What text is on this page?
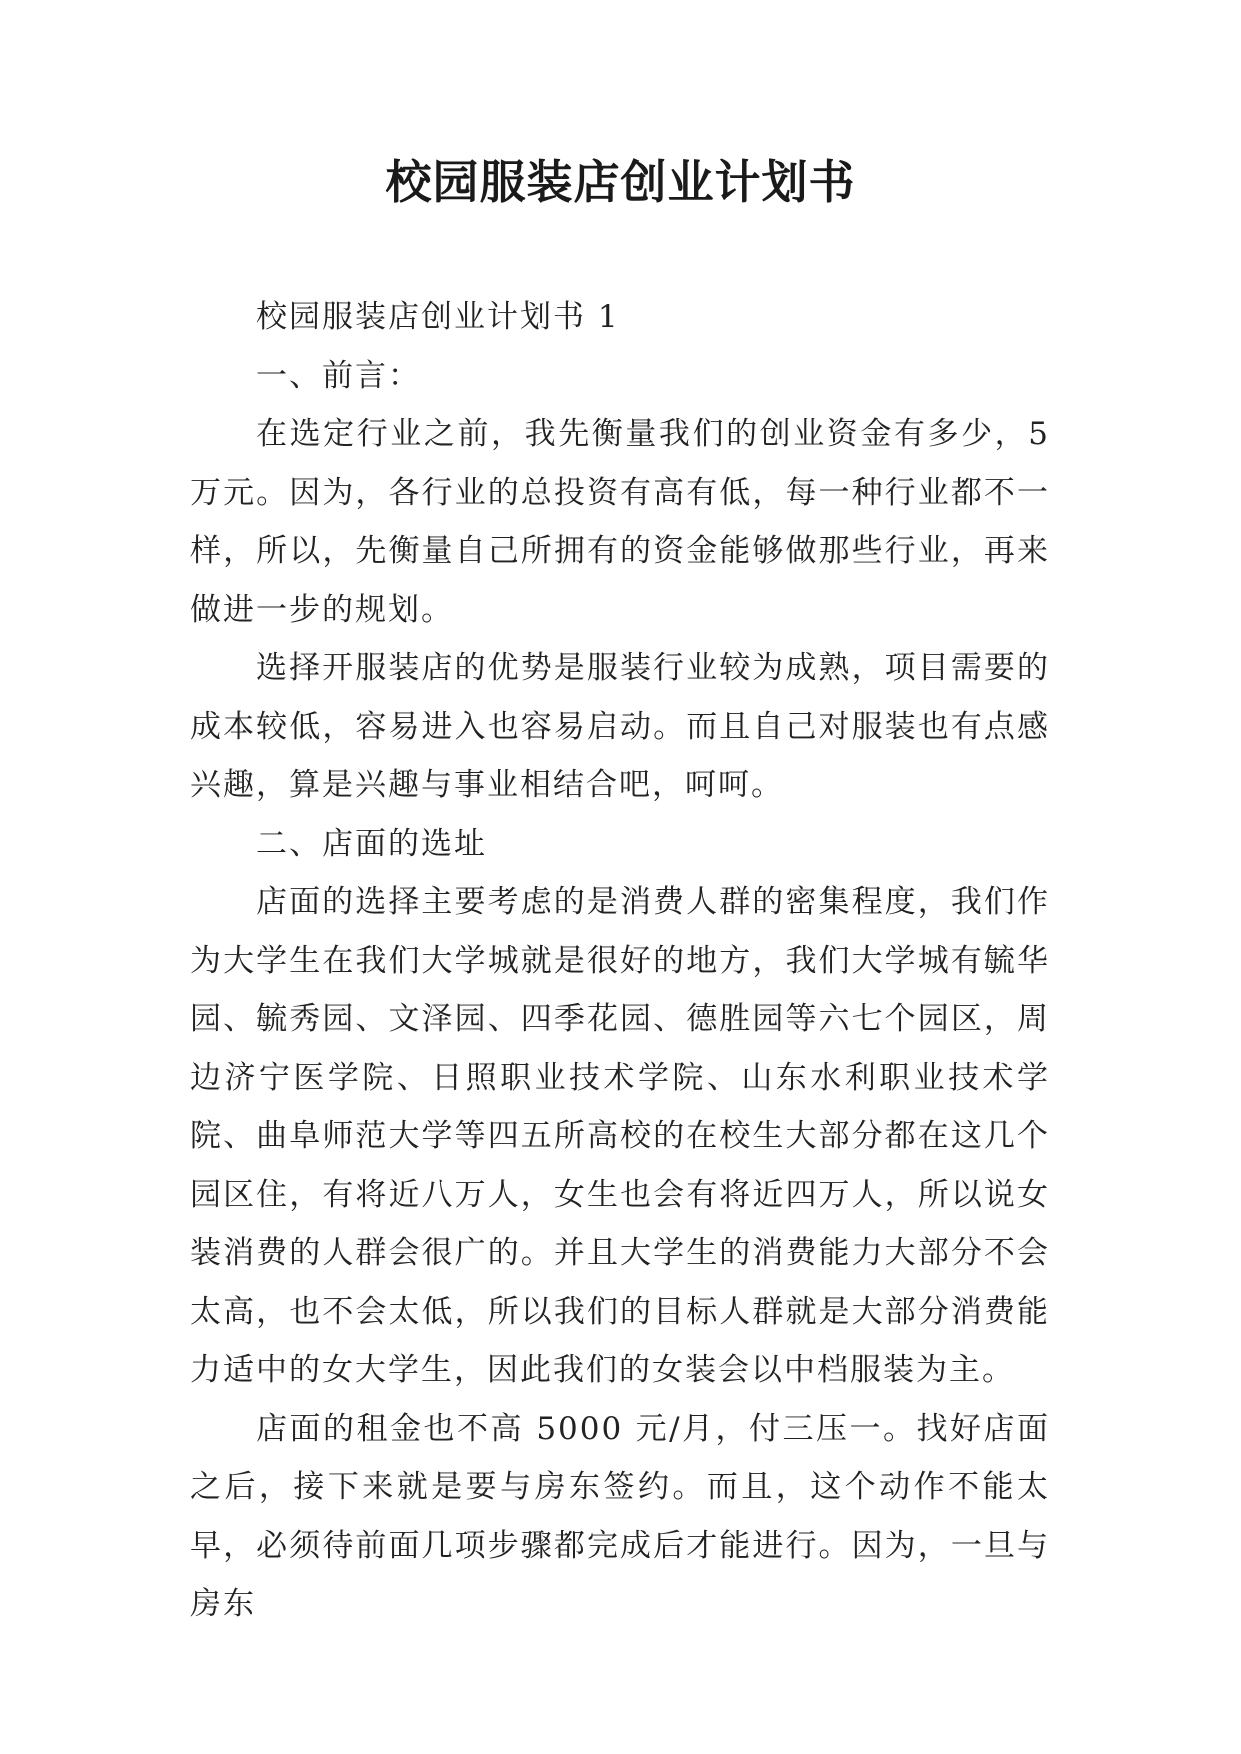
校园服装店创业计划书

校园服装店创业计划书 1

一、前言：

在选定行业之前，我先衡量我们的创业资金有多少，5 万元。因为，各行业的总投资有高有低，每一种行业都不一样，所以，先衡量自己所拥有的资金能够做那些行业，再来做进一步的规划。

选择开服装店的优势是服装行业较为成熟，项目需要的成本较低，容易进入也容易启动。而且自己对服装也有点感兴趣，算是兴趣与事业相结合吧，呵呵。

二、店面的选址

店面的选择主要考虑的是消费人群的密集程度，我们作为大学生在我们大学城就是很好的地方，我们大学城有毓华园、毓秀园、文泽园、四季花园、德胜园等六七个园区，周边济宁医学院、日照职业技术学院、山东水利职业技术学院、曲阜师范大学等四五所高校的在校生大部分都在这几个园区住，有将近八万人，女生也会有将近四万人，所以说女装消费的人群会很广的。并且大学生的消费能力大部分不会太高，也不会太低，所以我们的目标人群就是大部分消费能力适中的女大学生，因此我们的女装会以中档服装为主。

店面的租金也不高 5000 元/月，付三压一。找好店面之后，接下来就是要与房东签约。而且，这个动作不能太早，必须待前面几项步骤都完成后才能进行。因为，一旦与房东
